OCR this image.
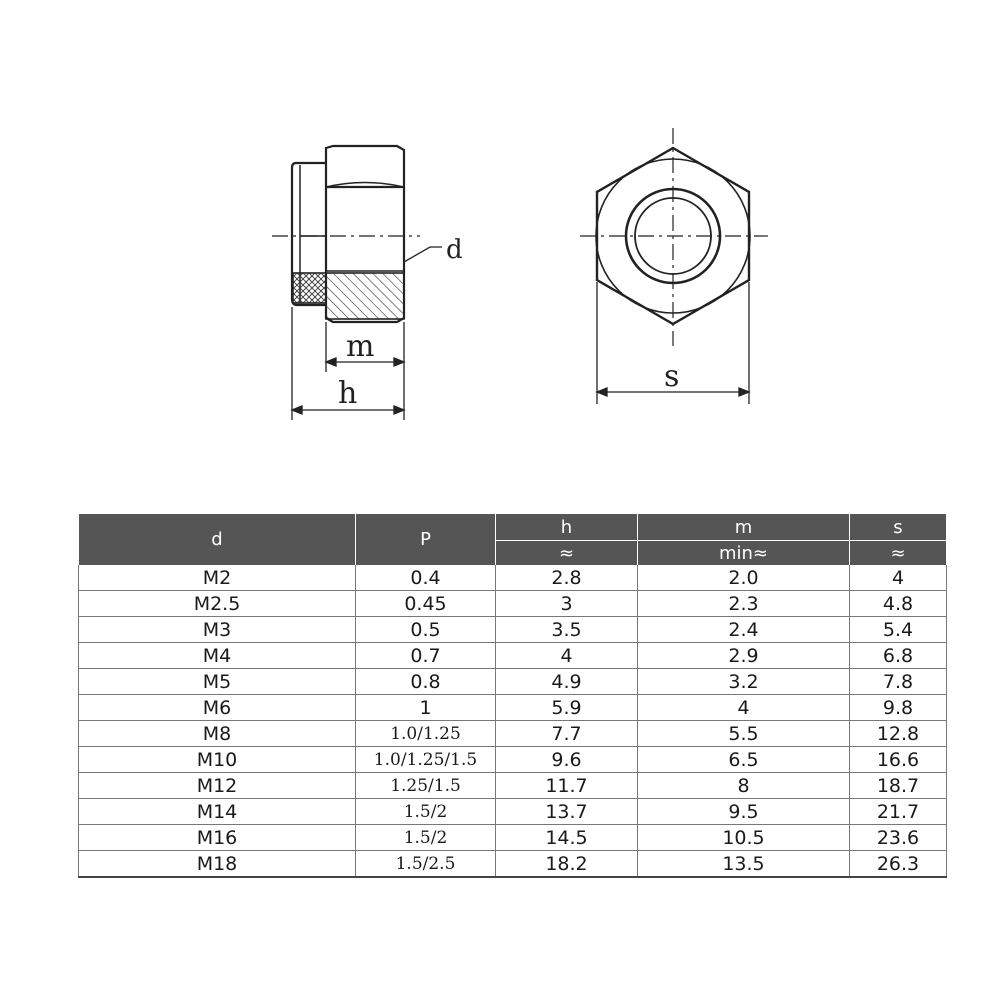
d
m
h	s
d	P	h	m	s
		≈	min≈	≈
M2	0.4	2.8	2.0	4
M2.5	0.45	3	2.3	4.8
M3	0.5	3.5	2.4	5.4
M4	0.7	4	2.9	6.8
M5	0.8	4.9	3.2	7.8
M6	1	5.9	4	9.8
M8	1.0/1.25	7.7	5.5	12.8
M10	1.0/1.25/1.5	9.6	6.5	16.6
M12	1.25/1.5	11.7	8	18.7
M14	1.5/2	13.7	9.5	21.7
M16	1.5/2	14.5	10.5	23.6
M18	1.5/2.5	18.2	13.5	26.3
